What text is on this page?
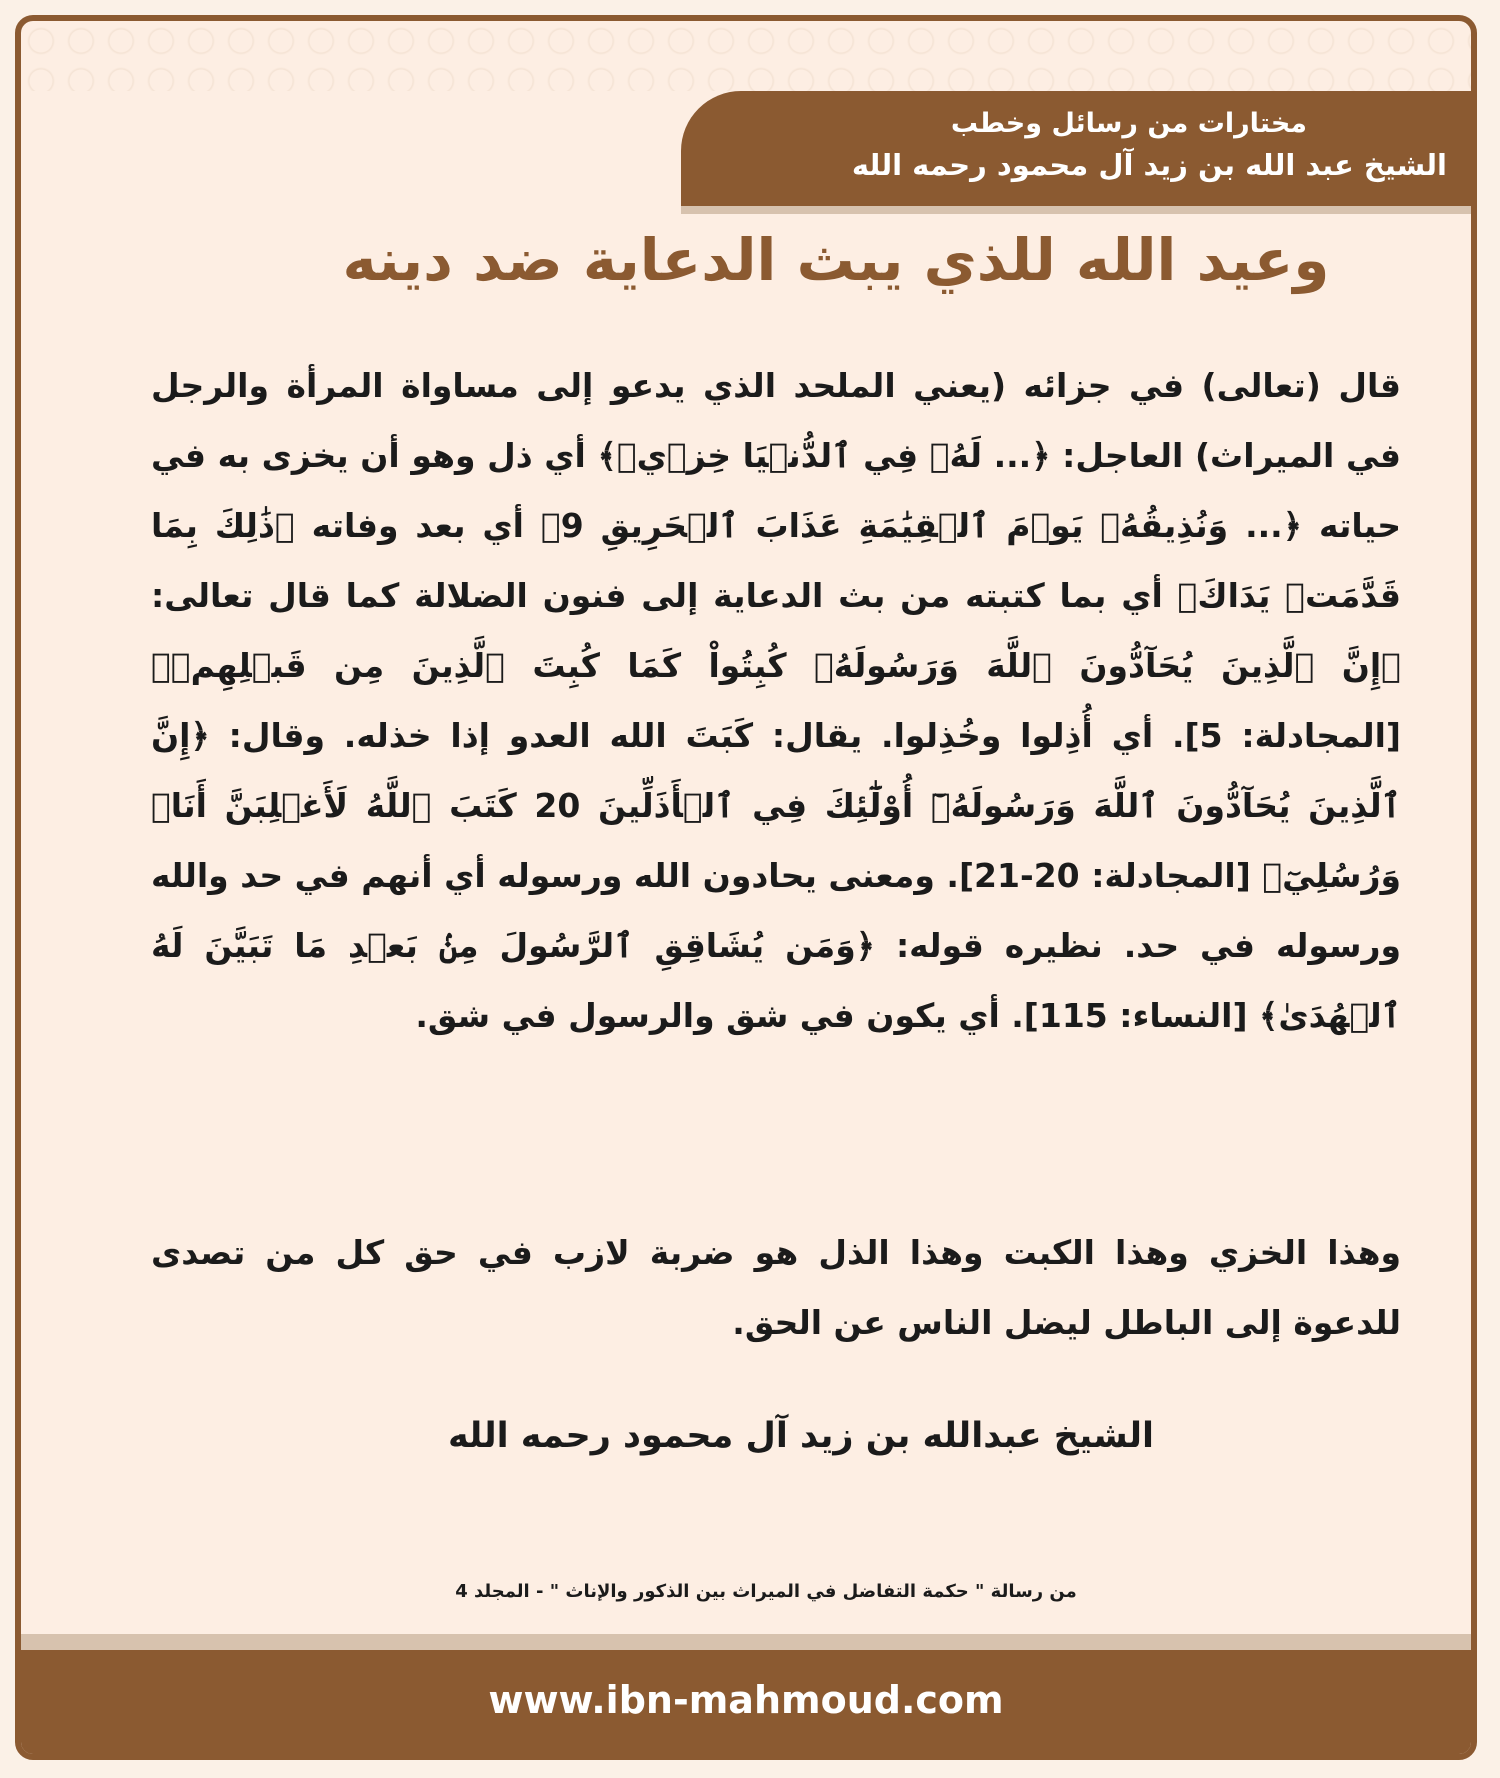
مختارات من رسائل وخطب
الشيخ عبد الله بن زيد آل محمود رحمه الله
وعيد الله للذي يبث الدعاية ضد دينه
قال (تعالى) في جزائه (يعني الملحد الذي يدعو إلى مساواة المرأة والرجل في الميراث) العاجل: ﴿... لَهُۥ فِي ٱلدُّنۡيَا خِزۡيٞ﴾ أي ذل وهو أن يخزى به في حياته ﴿... وَنُذِيقُهُۥ يَوۡمَ ٱلۡقِيَٰمَةِ عَذَابَ ٱلۡحَرِيقِ 9﴾ أي بعد وفاته ﴿ذَٰلِكَ بِمَا قَدَّمَتۡ يَدَاكَ﴾ أي بما كتبته من بث الدعاية إلى فنون الضلالة كما قال تعالى: ﴿إِنَّ ٱلَّذِينَ يُحَآدُّونَ ٱللَّهَ وَرَسُولَهُۥ كُبِتُواْ كَمَا كُبِتَ ٱلَّذِينَ مِن قَبۡلِهِمۡ﴾ [المجادلة: 5]. أي أُذِلوا وخُذِلوا. يقال: كَبَتَ الله العدو إذا خذله. وقال: ﴿إِنَّ ٱلَّذِينَ يُحَآدُّونَ ٱللَّهَ وَرَسُولَهُۥٓ أُوْلَٰٓئِكَ فِي ٱلۡأَذَلِّينَ 20 كَتَبَ ٱللَّهُ لَأَغۡلِبَنَّ أَنَا۠ وَرُسُلِيٓ﴾ [المجادلة: 20-21]. ومعنى يحادون الله ورسوله أي أنهم في حد والله ورسوله في حد. نظيره قوله: ﴿وَمَن يُشَاقِقِ ٱلرَّسُولَ مِنۢ بَعۡدِ مَا تَبَيَّنَ لَهُ ٱلۡهُدَىٰ﴾ [النساء: 115]. أي يكون في شق والرسول في شق.
وهذا الخزي وهذا الكبت وهذا الذل هو ضربة لازب في حق كل من تصدى للدعوة إلى الباطل ليضل الناس عن الحق.
الشيخ عبدالله بن زيد آل محمود رحمه الله
من رسالة " حكمة التفاضل في الميراث بين الذكور والإناث " - المجلد 4
www.ibn-mahmoud.com
